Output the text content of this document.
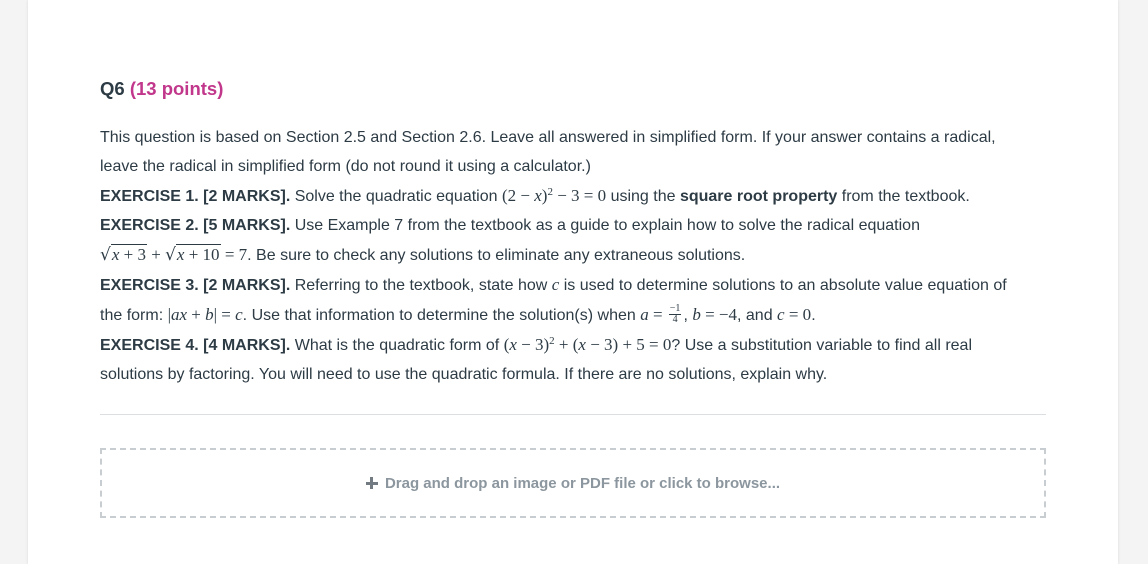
Q6 (13 points)

This question is based on Section 2.5 and Section 2.6. Leave all answered in simplified form. If your answer contains a radical,

leave the radical in simplified form (do not round it using a calculator.)

EXERCISE 1. [2 MARKS]. Solve the quadratic equation $(2 - x)^2 - 3 = 0$ using the square root property from the textbook.

EXERCISE 2. [5 MARKS]. Use Example 7 from the textbook as a guide to explain how to solve the radical equation

√x + 3 + √x + 10 = 7. Be sure to check any solutions to eliminate any extraneous solutions.

EXERCISE 3. [2 MARKS]. Referring to the textbook, state how c is used to determine solutions to an absolute value equation of

the form: |ax + b| = c. Use that information to determine the solution(s) when $a = \frac{-1}{4}$ , b = −4, and c = 0.

EXERCISE 4. [4 MARKS]. What is the quadratic form of $(x - 3)^2 + (x - 3) + 5 = 0$? Use a substitution variable to find all real

solutions by factoring. You will need to use the quadratic formula. If there are no solutions, explain why.

Drag and drop an image or PDF file or click to browse...
